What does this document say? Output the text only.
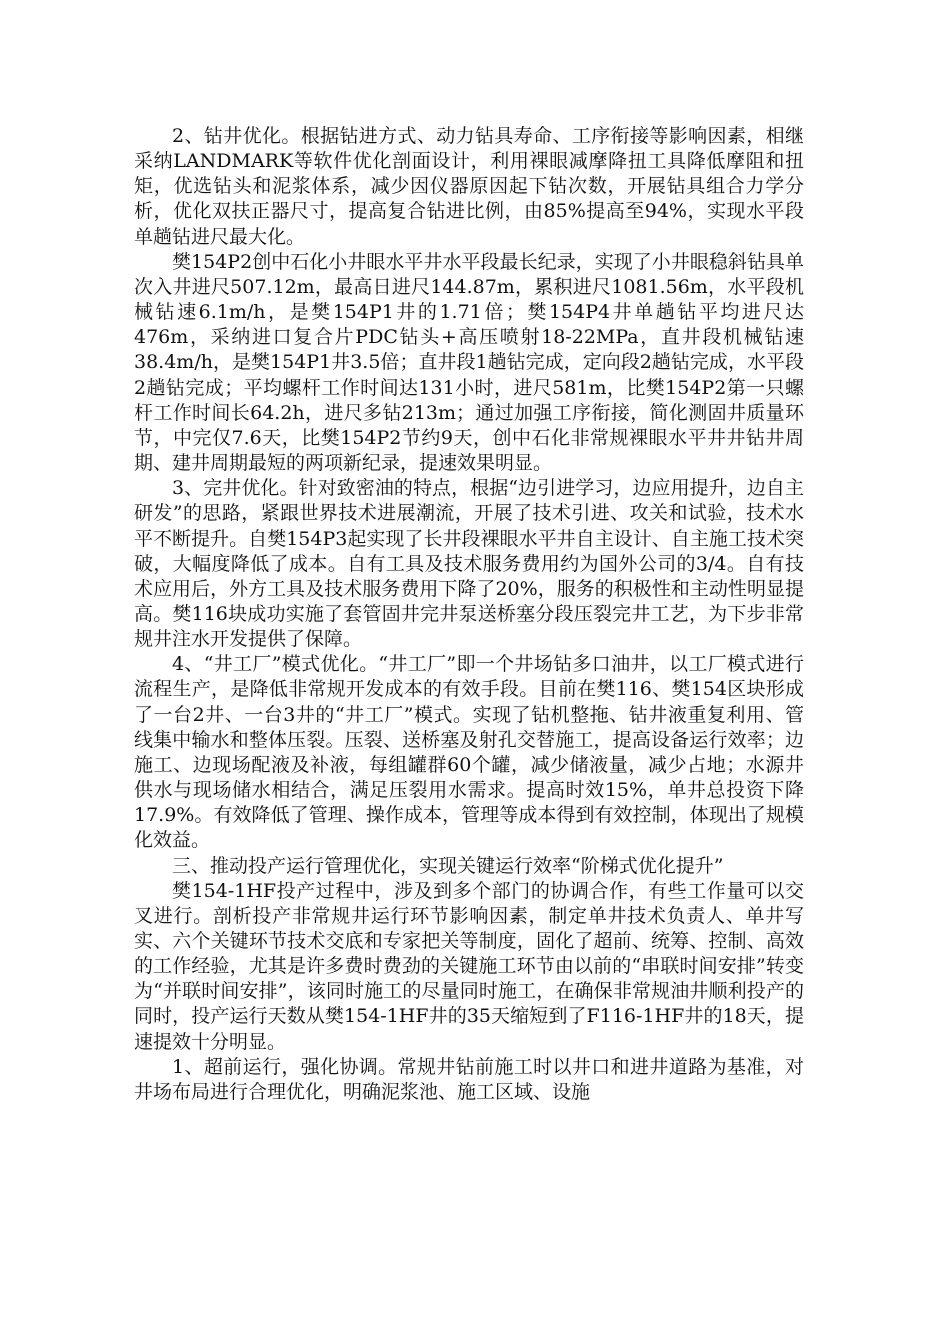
2、钻井优化。根据钻进方式、动力钻具寿命、工序衔接等影响因素，相继采纳LANDMARK等软件优化剖面设计，利用裸眼减摩降扭工具降低摩阻和扭矩，优选钻头和泥浆体系，减少因仪器原因起下钻次数，开展钻具组合力学分析，优化双扶正器尺寸，提高复合钻进比例，由85%提高至94%，实现水平段单趟钻进尺最大化。

樊154P2创中石化小井眼水平井水平段最长纪录，实现了小井眼稳斜钻具单次入井进尺507.12m，最高日进尺144.87m，累积进尺1081.56m，水平段机械钻速6.1m/h，是樊154P1井的1.71倍；樊154P4井单趟钻平均进尺达476m，采纳进口复合片PDC钻头+高压喷射18-22MPa，直井段机械钻速38.4m/h，是樊154P1井3.5倍；直井段1趟钻完成，定向段2趟钻完成，水平段2趟钻完成；平均螺杆工作时间达131小时，进尺581m，比樊154P2第一只螺杆工作时间长64.2h，进尺多钻213m；通过加强工序衔接，简化测固井质量环节，中完仅7.6天，比樊154P2节约9天，创中石化非常规裸眼水平井井钻井周期、建井周期最短的两项新纪录，提速效果明显。

3、完井优化。针对致密油的特点，根据“边引进学习，边应用提升，边自主研发”的思路，紧跟世界技术进展潮流，开展了技术引进、攻关和试验，技术水平不断提升。自樊154P3起实现了长井段裸眼水平井自主设计、自主施工技术突破，大幅度降低了成本。自有工具及技术服务费用约为国外公司的3/4。自有技术应用后，外方工具及技术服务费用下降了20%，服务的积极性和主动性明显提高。樊116块成功实施了套管固井完井泵送桥塞分段压裂完井工艺，为下步非常规井注水开发提供了保障。

4、“井工厂”模式优化。“井工厂”即一个井场钻多口油井，以工厂模式进行流程生产，是降低非常规开发成本的有效手段。目前在樊116、樊154区块形成了一台2井、一台3井的“井工厂”模式。实现了钻机整拖、钻井液重复利用、管线集中输水和整体压裂。压裂、送桥塞及射孔交替施工，提高设备运行效率；边施工、边现场配液及补液，每组罐群60个罐，减少储液量，减少占地；水源井供水与现场储水相结合，满足压裂用水需求。提高时效15%，单井总投资下降17.9%。有效降低了管理、操作成本，管理等成本得到有效控制，体现出了规模化效益。

三、推动投产运行管理优化，实现关键运行效率“阶梯式优化提升”

樊154-1HF投产过程中，涉及到多个部门的协调合作，有些工作量可以交叉进行。剖析投产非常规井运行环节影响因素，制定单井技术负责人、单井写实、六个关键环节技术交底和专家把关等制度，固化了超前、统筹、控制、高效的工作经验，尤其是许多费时费劲的关键施工环节由以前的“串联时间安排”转变为“并联时间安排”，该同时施工的尽量同时施工，在确保非常规油井顺利投产的同时，投产运行天数从樊154-1HF井的35天缩短到了F116-1HF井的18天，提速提效十分明显。

1、超前运行，强化协调。常规井钻前施工时以井口和进井道路为基准，对井场布局进行合理优化，明确泥浆池、施工区域、设施
